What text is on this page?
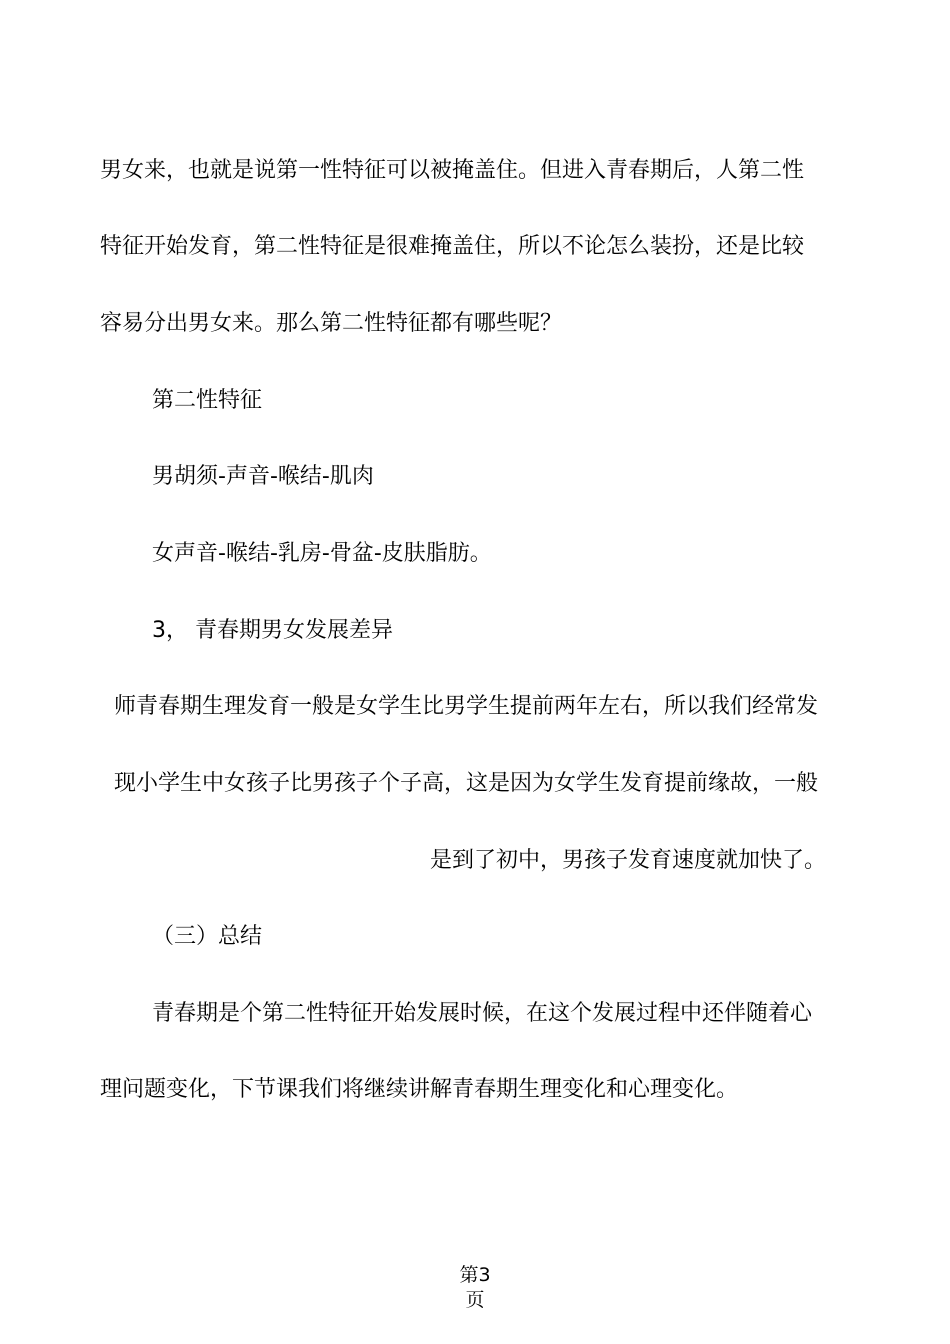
男女来，也就是说第一性特征可以被掩盖住。但进入青春期后，人第二性
特征开始发育，第二性特征是很难掩盖住，所以不论怎么装扮，还是比较
容易分出男女来。那么第二性特征都有哪些呢？
第二性特征
男胡须-声音-喉结-肌肉
女声音-喉结-乳房-骨盆-皮肤脂肪。
3， 青春期男女发展差异
师青春期生理发育一般是女学生比男学生提前两年左右，所以我们经常发
现小学生中女孩子比男孩子个子高，这是因为女学生发育提前缘故，一般
是到了初中，男孩子发育速度就加快了。
（三）总结
青春期是个第二性特征开始发展时候，在这个发展过程中还伴随着心
理问题变化，下节课我们将继续讲解青春期生理变化和心理变化。
第3
页
